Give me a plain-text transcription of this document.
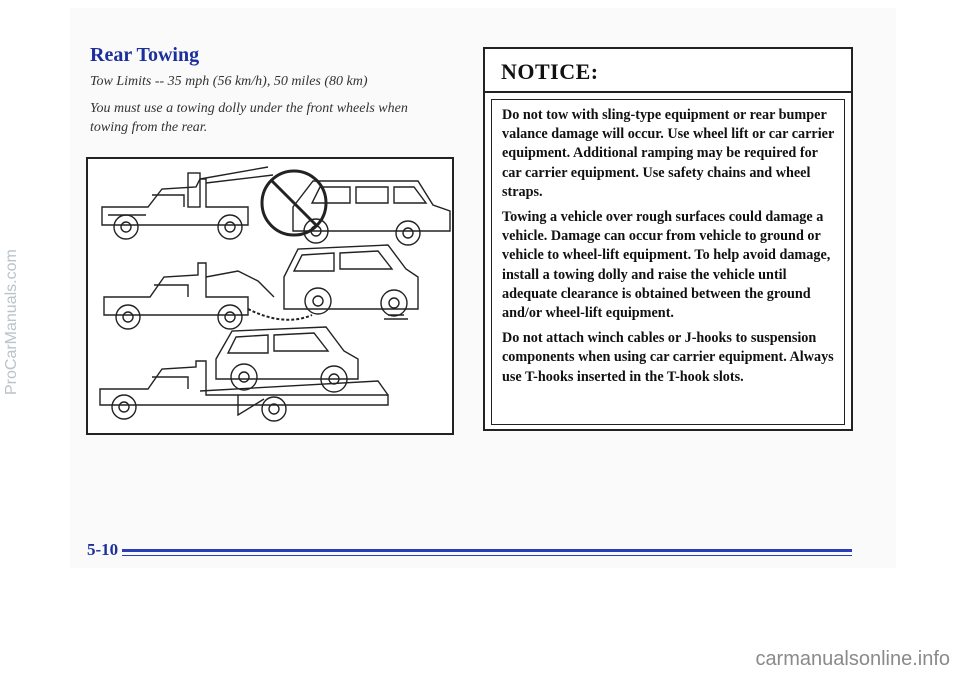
Rear Towing
Tow Limits -- 35 mph (56 km/h), 50 miles (80 km)
You must use a towing dolly under the front wheels when
towing from the rear.
NOTICE:

Do not tow with sling-type equipment or rear bumper valance damage will occur. Use wheel lift or car carrier equipment. Additional ramping may be required for car carrier equipment. Use safety chains and wheel straps.

Towing a vehicle over rough surfaces could damage a vehicle. Damage can occur from vehicle to ground or vehicle to wheel-lift equipment. To help avoid damage, install a towing dolly and raise the vehicle until adequate clearance is obtained between the ground and/or wheel-lift equipment.

Do not attach winch cables or J-hooks to suspension components when using car carrier equipment. Always use T-hooks inserted in the T-hook slots.

5-10
ProCarManuals.com
carmanualsonline.info
